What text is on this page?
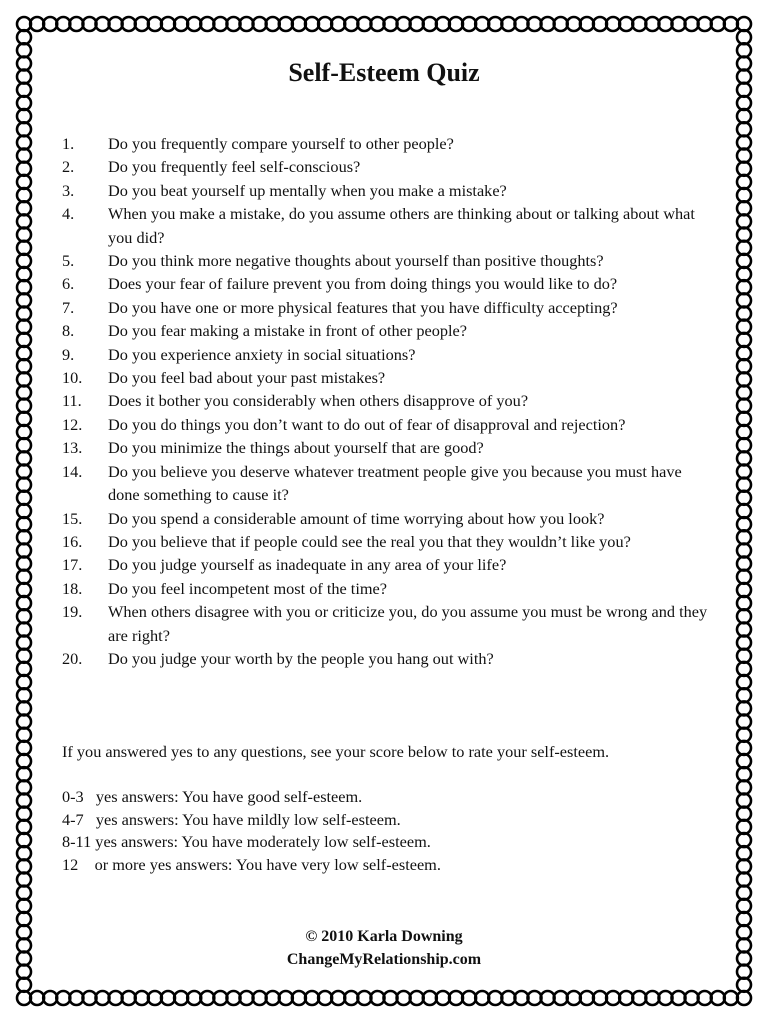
Self-Esteem Quiz
1.	Do you frequently compare yourself to other people?
2.	Do you frequently feel self-conscious?
3.	Do you beat yourself up mentally when you make a mistake?
4.	When you make a mistake, do you assume others are thinking about or talking about what you did?
5.	Do you think more negative thoughts about yourself than positive thoughts?
6.	Does your fear of failure prevent you from doing things you would like to do?
7.	Do you have one or more physical features that you have difficulty accepting?
8.	Do you fear making a mistake in front of other people?
9.	Do you experience anxiety in social situations?
10.	Do you feel bad about your past mistakes?
11.	Does it bother you considerably when others disapprove of you?
12.	Do you do things you don’t want to do out of fear of disapproval and rejection?
13.	Do you minimize the things about yourself that are good?
14.	Do you believe you deserve whatever treatment people give you because you must have done something to cause it?
15.	Do you spend a considerable amount of time worrying about how you look?
16.	Do you believe that if people could see the real you that they wouldn’t like you?
17.	Do you judge yourself as inadequate in any area of your life?
18.	Do you feel incompetent most of the time?
19.	When others disagree with you or criticize you, do you assume you must be wrong and they are right?
20.	Do you judge your worth by the people you hang out with?
If you answered yes to any questions, see your score below to rate your self-esteem.
0-3   yes answers: You have good self-esteem.
4-7   yes answers: You have mildly low self-esteem.
8-11 yes answers: You have moderately low self-esteem.
12    or more yes answers: You have very low self-esteem.
© 2010 Karla Downing
ChangeMyRelationship.com
